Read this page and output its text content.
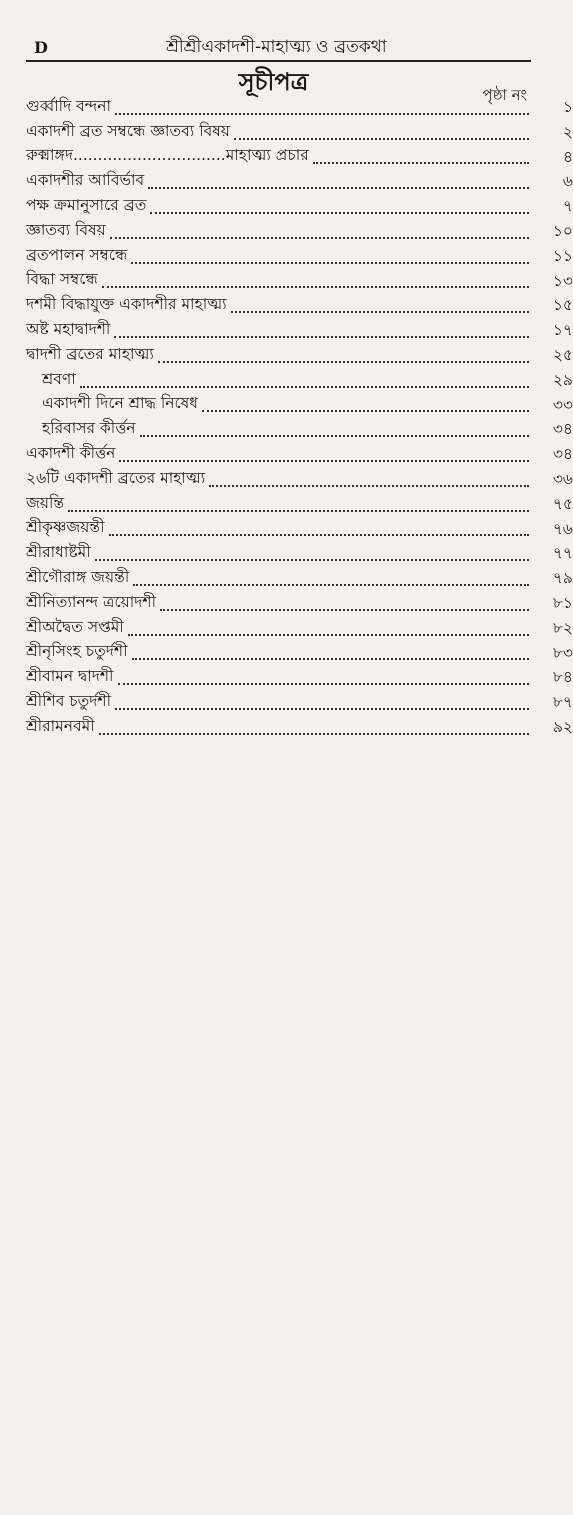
D	শ্রীশ্রীএকাদশী-মাহাত্ম্য ও ব্রতকথা
সূচীপত্র	পৃষ্ঠা নং
গুর্ব্বাদি বন্দনা	১
একাদশী ব্রত সম্বন্ধে জ্ঞাতব্য বিষয়	২
রুক্মাঙ্গদ...............................মাহাত্ম্য প্রচার	৪
একাদশীর আবির্ভাব	৬
পক্ষ ক্রমানুসারে ব্রত	৭
জ্ঞাতব্য বিষয়	১০
ব্রতপালন সম্বন্ধে	১১
বিদ্ধা সম্বন্ধে	১৩
দশমী বিদ্ধাযুক্ত একাদশীর মাহাত্ম্য	১৫
অষ্ট মহাদ্বাদশী	১৭
দ্বাদশী ব্রতের মাহাত্ম্য	২৫
শ্রবণা	২৯
একাদশী দিনে শ্রাদ্ধ নিষেধ	৩৩
হরিবাসর কীর্ত্তন	৩৪
একাদশী কীর্ত্তন	৩৪
২৬টি একাদশী ব্রতের মাহাত্ম্য	৩৬
জয়ন্তি	৭৫
শ্রীকৃষ্ণজয়ন্তী	৭৬
শ্রীরাধাষ্টমী	৭৭
শ্রীগৌরাঙ্গ জয়ন্তী	৭৯
শ্রীনিত্যানন্দ ত্রয়োদশী	৮১
শ্রীঅদ্বৈত সপ্তমী	৮২
শ্রীনৃসিংহ চতুর্দশী	৮৩
শ্রীবামন দ্বাদশী	৮৪
শ্রীশিব চতুর্দশী	৮৭
শ্রীরামনবমী	৯২
